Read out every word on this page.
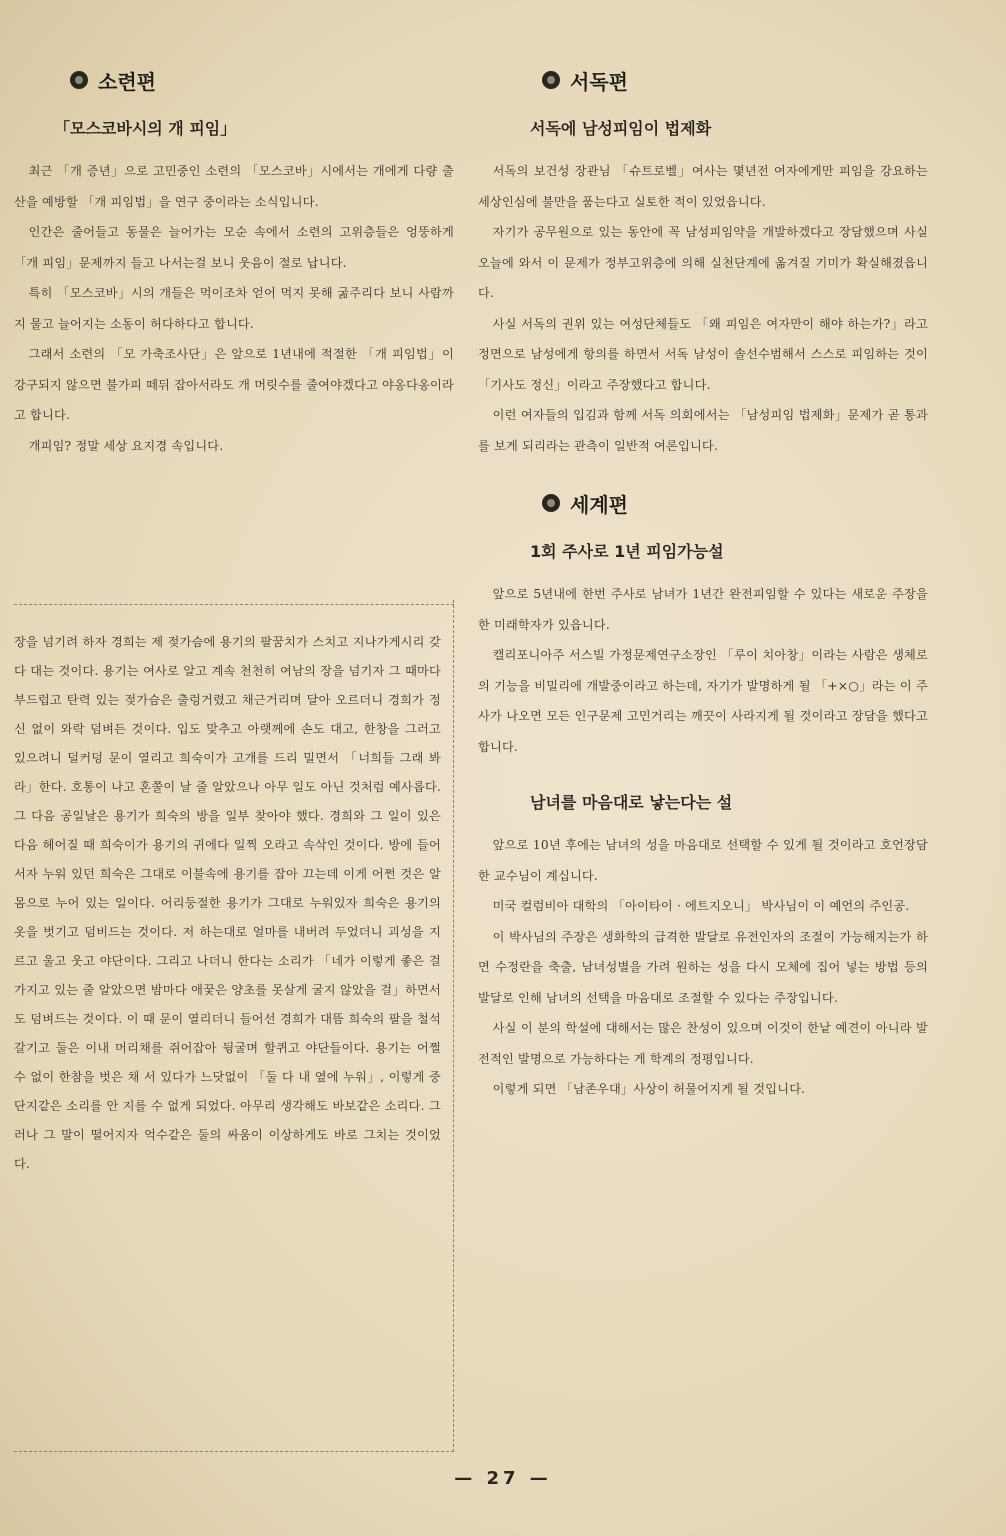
소련편
「모스코바시의 개 피임」

최근 「개 증년」으로 고민중인 소련의 「모스코바」시에서는 개에게 다량 출산을 예방할 「개 피임법」을 연구 중이라는 소식입니다.

인간은 줄어들고 동물은 늘어가는 모순 속에서 소련의 고위층들은 엉뚱하게 「개 피임」문제까지 들고 나서는걸 보니 웃음이 절로 납니다.

특히 「모스코바」시의 개들은 먹이조차 얻어 먹지 못해 굶주리다 보니 사람까지 물고 늘어지는 소동이 허다하다고 합니다.

그래서 소련의 「모 가축조사단」은 앞으로 1년내에 적절한 「개 피임법」이 강구되지 않으면 불가피 떼뒤 잡아서라도 개 머릿수를 줄여야겠다고 야옹다옹이라고 합니다.

개피임? 정말 세상 요지경 속입니다.

장을 넘기려 하자 경희는 제 젖가슴에 용기의 팔꿈치가 스치고 지나가게시리 갖다 대는 것이다. 용기는 여사로 알고 계속 천천히 여남의 장을 넘기자 그 때마다 부드럽고 탄력 있는 젖가슴은 출렁거렸고 채근거리며 달아 오르더니 경희가 정신 없이 와락 덤벼든 것이다. 입도 맞추고 아랫께에 손도 대고, 한창을 그러고 있으려니 덜커덩 문이 열리고 희숙이가 고개를 드리 밀면서 「너희들 그래 봐라」한다. 호통이 나고 혼쭐이 날 줄 알았으나 아무 일도 아닌 것처럼 예사롭다. 그 다음 공일날은 용기가 희숙의 방을 일부 찾아야 했다. 경희와 그 일이 있은 다음 헤어질 때 희숙이가 용기의 귀에다 일찍 오라고 속삭인 것이다. 방에 들어서자 누워 있던 희숙은 그대로 이불속에 용기를 잡아 끄는데 이게 어쩐 것은 알몸으로 누어 있는 일이다. 어리둥절한 용기가 그대로 누워있자 희숙은 용기의 옷을 벗기고 덤비드는 것이다. 저 하는대로 얼마를 내버려 두었더니 괴성을 지르고 울고 웃고 야단이다. 그리고 나더니 한다는 소리가 「네가 이렇게 좋은 걸 가지고 있는 줄 알았으면 밤마다 애꿎은 양초를 못살게 굴지 않았을 걸」하면서 도 덤벼드는 것이다. 이 때 문이 열리더니 들어선 경희가 대뜸 희숙의 팔을 철석 갈기고 둘은 이내 머리채를 쥐어잡아 뒹굴며 할퀴고 야단들이다. 용기는 어쩔 수 없이 한참을 벗은 채 서 있다가 느닷없이 「둘 다 내 옆에 누워」, 이렇게 중단지같은 소리를 안 지를 수 없게 되었다. 아무리 생각해도 바보같은 소리다. 그러나 그 말이 떨어지자 억수같은 둘의 싸움이 이상하게도 바로 그치는 것이었다.

서독편
서독에 남성피임이 법제화

서독의 보건성 장관님 「슈트로벨」여사는 몇년전 여자에게만 피임을 강요하는 세상인심에 불만을 품는다고 실토한 적이 있었읍니다.

자기가 공무원으로 있는 동안에 꼭 남성피임약을 개발하겠다고 장담했으며 사실 오늘에 와서 이 문제가 정부고위층에 의해 실천단계에 옮겨질 기미가 확실해졌읍니다.

사실 서독의 권위 있는 여성단체들도 「왜 피임은 여자만이 해야 하는가?」라고 정면으로 남성에게 항의를 하면서 서독 남성이 솔선수범해서 스스로 피임하는 것이 「기사도 정신」이라고 주장했다고 합니다.

이런 여자들의 입김과 함께 서독 의회에서는 「남성피임 법제화」문제가 곧 통과를 보게 되리라는 관측이 일반적 여론입니다.

세계편
1회 주사로 1년 피임가능설

앞으로 5년내에 한번 주사로 남녀가 1년간 완전피임할 수 있다는 새로운 주장을 한 미래학자가 있읍니다.

캘리포니아주 서스빌 가정문제연구소장인 「루이 치아창」이라는 사람은 생체로의 기능을 비밀리에 개발중이라고 하는데, 자기가 발명하게 될 「+×○」라는 이 주사가 나오면 모든 인구문제 고민거리는 깨끗이 사라지게 될 것이라고 장담을 했다고 합니다.

남녀를 마음대로 낳는다는 설

앞으로 10년 후에는 남녀의 성을 마음대로 선택할 수 있게 될 것이라고 호언장담한 교수님이 계십니다.

미국 컬럼비아 대학의 「아이타이 · 에트지오니」 박사님이 이 예언의 주인공.

이 박사님의 주장은 생화학의 급격한 발달로 유전인자의 조절이 가능해지는가 하면 수정란을 축출, 남녀성별을 가려 원하는 성을 다시 모체에 집어 넣는 방법 등의 발달로 인해 남녀의 선택을 마음대로 조절할 수 있다는 주장입니다.

사실 이 분의 학설에 대해서는 많은 찬성이 있으며 이것이 한낱 예견이 아니라 발전적인 발명으로 가능하다는 게 학계의 정평입니다.

이렇게 되면 「남존우대」사상이 허물어지게 될 것입니다.

— 27 —
